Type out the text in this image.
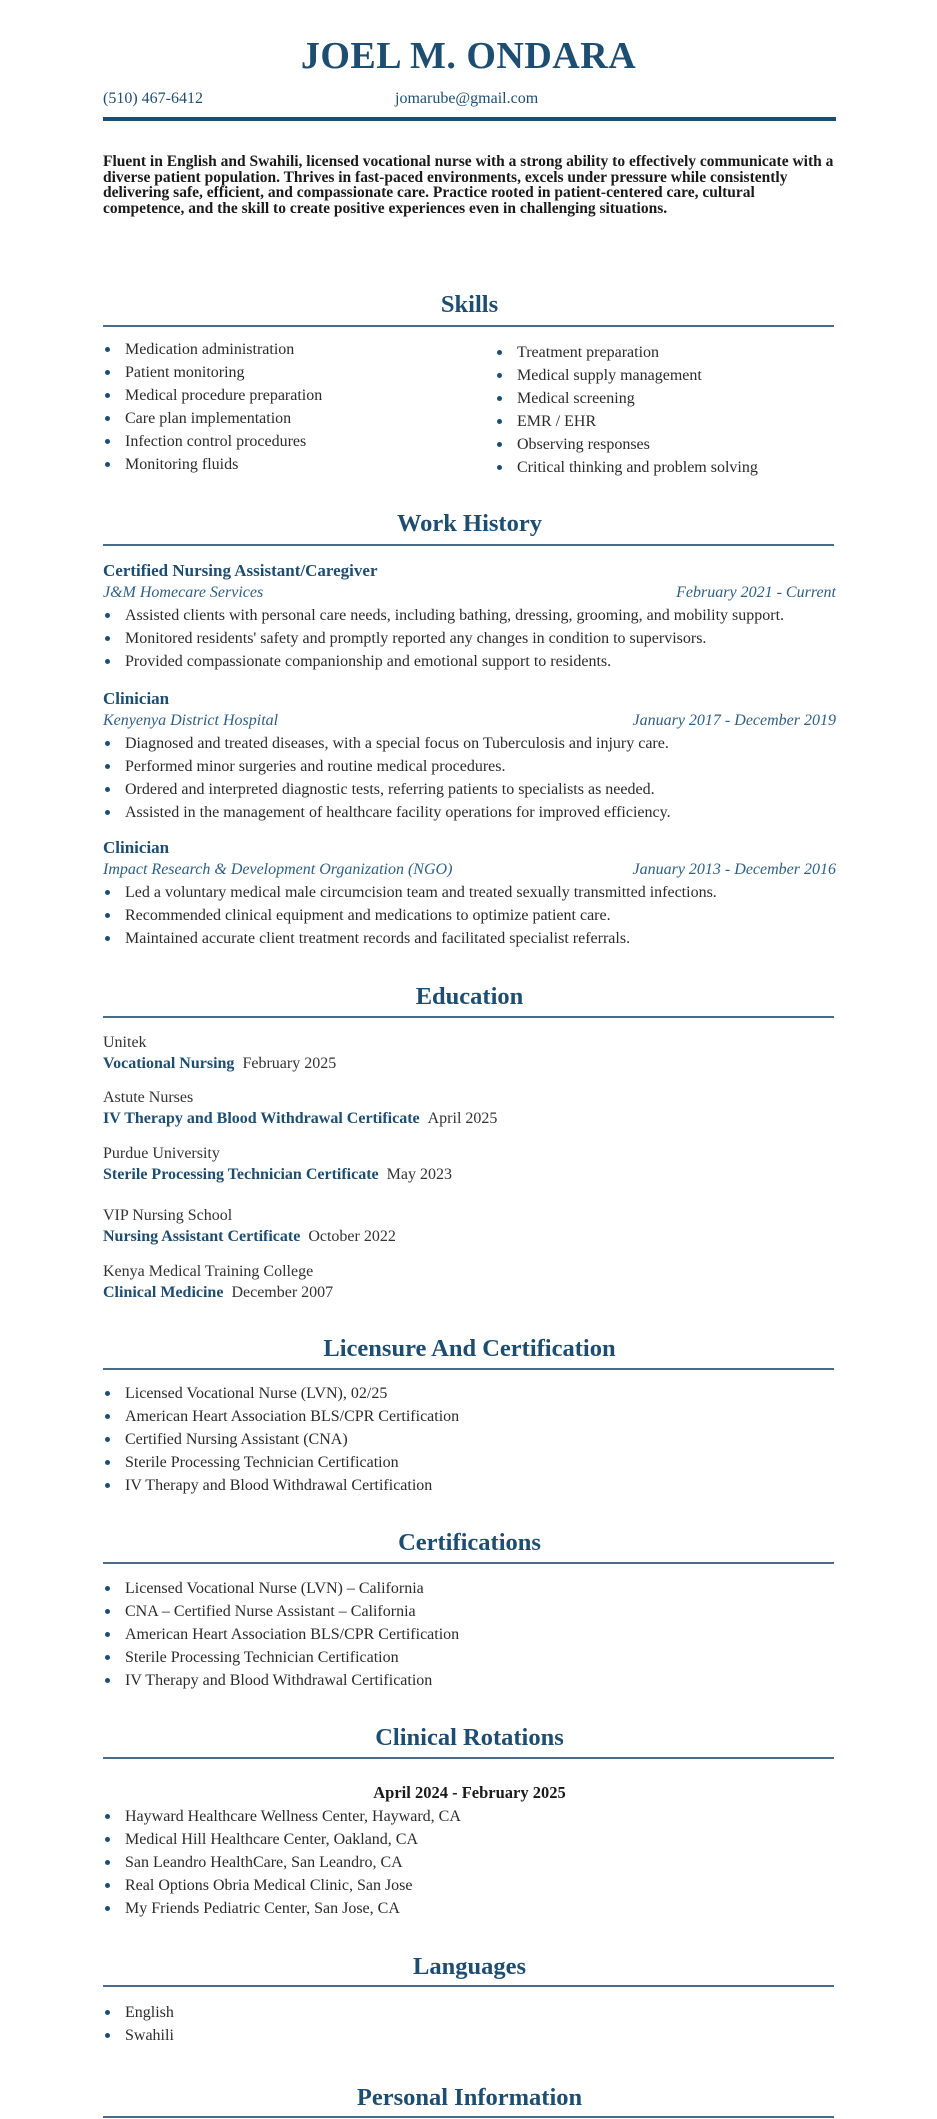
JOEL M. ONDARA
(510) 467-6412	jomarube@gmail.com
Fluent in English and Swahili, licensed vocational nurse with a strong ability to effectively communicate with a diverse patient population. Thrives in fast-paced environments, excels under pressure while consistently delivering safe, efficient, and compassionate care. Practice rooted in patient-centered care, cultural competence, and the skill to create positive experiences even in challenging situations.
Skills
Medication administration
Patient monitoring
Medical procedure preparation
Care plan implementation
Infection control procedures
Monitoring fluids
Treatment preparation
Medical supply management
Medical screening
EMR / EHR
Observing responses
Critical thinking and problem solving
Work History
Certified Nursing Assistant/Caregiver
J&M Homecare Services	February 2021 - Current
Assisted clients with personal care needs, including bathing, dressing, grooming, and mobility support.
Monitored residents' safety and promptly reported any changes in condition to supervisors.
Provided compassionate companionship and emotional support to residents.
Clinician
Kenyenya District Hospital	January 2017 - December 2019
Diagnosed and treated diseases, with a special focus on Tuberculosis and injury care.
Performed minor surgeries and routine medical procedures.
Ordered and interpreted diagnostic tests, referring patients to specialists as needed.
Assisted in the management of healthcare facility operations for improved efficiency.
Clinician
Impact Research & Development Organization (NGO)	January 2013 - December 2016
Led a voluntary medical male circumcision team and treated sexually transmitted infections.
Recommended clinical equipment and medications to optimize patient care.
Maintained accurate client treatment records and facilitated specialist referrals.
Education
Unitek
Vocational Nursing February 2025
Astute Nurses
IV Therapy and Blood Withdrawal Certificate April 2025
Purdue University
Sterile Processing Technician Certificate May 2023
VIP Nursing School
Nursing Assistant Certificate October 2022
Kenya Medical Training College
Clinical Medicine December 2007
Licensure And Certification
Licensed Vocational Nurse (LVN), 02/25
American Heart Association BLS/CPR Certification
Certified Nursing Assistant (CNA)
Sterile Processing Technician Certification
IV Therapy and Blood Withdrawal Certification
Certifications
Licensed Vocational Nurse (LVN) – California
CNA – Certified Nurse Assistant – California
American Heart Association BLS/CPR Certification
Sterile Processing Technician Certification
IV Therapy and Blood Withdrawal Certification
Clinical Rotations
April 2024 - February 2025
Hayward Healthcare Wellness Center, Hayward, CA
Medical Hill Healthcare Center, Oakland, CA
San Leandro HealthCare, San Leandro, CA
Real Options Obria Medical Clinic, San Jose
My Friends Pediatric Center, San Jose, CA
Languages
English
Swahili
Personal Information
